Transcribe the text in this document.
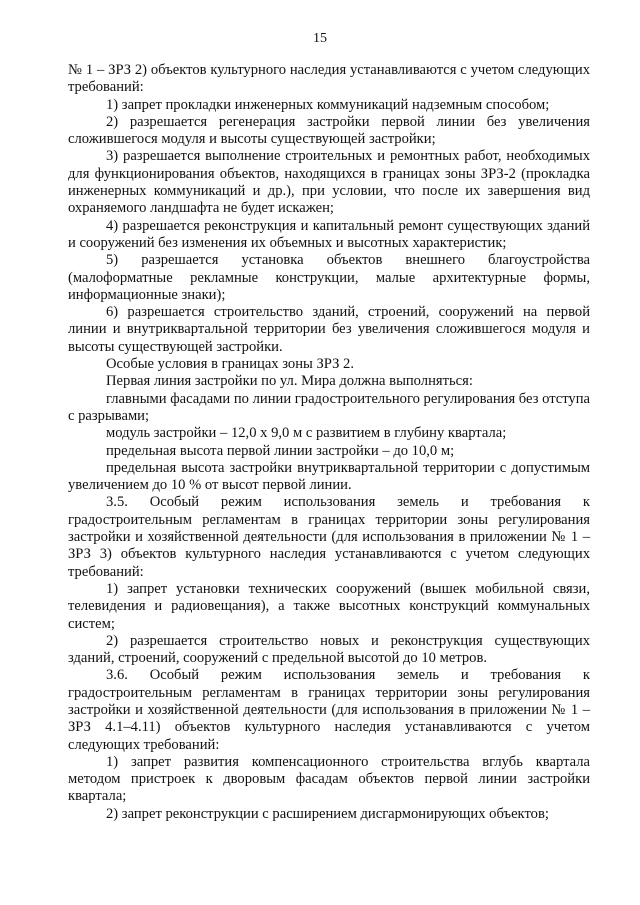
15

№ 1 – ЗРЗ 2) объектов культурного наследия устанавливаются с учетом следующих требований:

1) запрет прокладки инженерных коммуникаций надземным способом;

2) разрешается регенерация застройки первой линии без увеличения сложившегося модуля и высоты существующей застройки;

3) разрешается выполнение строительных и ремонтных работ, необходимых для функционирования объектов, находящихся в границах зоны ЗРЗ-2 (прокладка инженерных коммуникаций и др.), при условии, что после их завершения вид охраняемого ландшафта не будет искажен;

4) разрешается реконструкция и капитальный ремонт существующих зданий и сооружений без изменения их объемных и высотных характеристик;

5) разрешается установка объектов внешнего благоустройства (малоформатные рекламные конструкции, малые архитектурные формы, информационные знаки);

6) разрешается строительство зданий, строений, сооружений на первой линии и внутриквартальной территории без увеличения сложившегося модуля и высоты существующей застройки.

Особые условия в границах зоны ЗРЗ 2.

Первая линия застройки по ул. Мира должна выполняться:

главными фасадами по линии градостроительного регулирования без отступа с разрывами;

модуль застройки – 12,0 х 9,0 м с развитием в глубину квартала;

предельная высота первой линии застройки – до 10,0 м;

предельная высота застройки внутриквартальной территории с допустимым увеличением до 10 % от высот первой линии.

3.5. Особый режим использования земель и требования к градостроительным регламентам в границах территории зоны регулирования застройки и хозяйственной деятельности (для использования в приложении № 1 – ЗРЗ 3) объектов культурного наследия устанавливаются с учетом следующих требований:

1) запрет установки технических сооружений (вышек мобильной связи, телевидения и радиовещания), а также высотных конструкций коммунальных систем;

2) разрешается строительство новых и реконструкция существующих зданий, строений, сооружений с предельной высотой до 10 метров.

3.6. Особый режим использования земель и требования к градостроительным регламентам в границах территории зоны регулирования застройки и хозяйственной деятельности (для использования в приложении № 1 – ЗРЗ 4.1–4.11) объектов культурного наследия устанавливаются с учетом следующих требований:

1) запрет развития компенсационного строительства вглубь квартала методом пристроек к дворовым фасадам объектов первой линии застройки квартала;

2) запрет реконструкции с расширением дисгармонирующих объектов;
